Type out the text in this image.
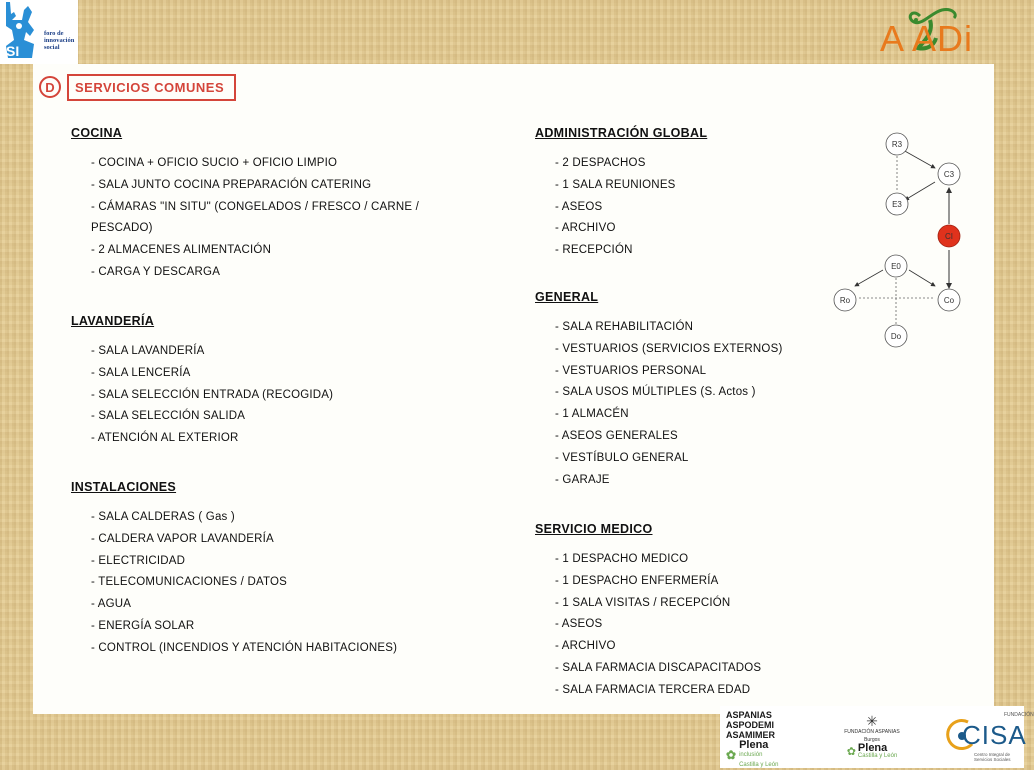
SI
foro de
innovación
social	A ADi
D	SERVICIOS COMUNES
COCINA
- COCINA + OFICIO SUCIO + OFICIO LIMPIO
- SALA JUNTO COCINA PREPARACIÓN CATERING
- CÁMARAS "IN SITU" (CONGELADOS / FRESCO / CARNE / PESCADO)
- 2 ALMACENES ALIMENTACIÓN
- CARGA Y DESCARGA
LAVANDERÍA
- SALA LAVANDERÍA
- SALA LENCERÍA
- SALA SELECCIÓN ENTRADA (RECOGIDA)
- SALA SELECCIÓN SALIDA
- ATENCIÓN AL EXTERIOR
INSTALACIONES
- SALA CALDERAS ( Gas )
- CALDERA VAPOR LAVANDERÍA
- ELECTRICIDAD
- TELECOMUNICACIONES / DATOS
- AGUA
- ENERGÍA SOLAR
- CONTROL (INCENDIOS Y ATENCIÓN HABITACIONES)
ADMINISTRACIÓN GLOBAL
- 2 DESPACHOS
- 1 SALA REUNIONES
- ASEOS
- ARCHIVO
- RECEPCIÓN
GENERAL
- SALA REHABILITACIÓN
- VESTUARIOS (SERVICIOS EXTERNOS)
- VESTUARIOS PERSONAL
- SALA USOS MÚLTIPLES (S. Actos )
- 1 ALMACÉN
- ASEOS GENERALES
- VESTÍBULO GENERAL
- GARAJE
SERVICIO MEDICO
- 1 DESPACHO MEDICO
- 1 DESPACHO ENFERMERÍA
- 1 SALA VISITAS / RECEPCIÓN
- ASEOS
- ARCHIVO
- SALA FARMACIA DISCAPACITADOS
- SALA FARMACIA TERCERA EDAD
R3
C3
E3
CI
E0
Ro	Co
Do
ASPANIAS
ASPODEMI
ASAMIMER
✿
Plena
inclusión
Castilla y León
✳
FUNDACIÓN ASPANIAS Burgos
✿ Plena
Castilla y León
FUNDACIÓN
CISA
Centro Integral de Servicios Sociales
